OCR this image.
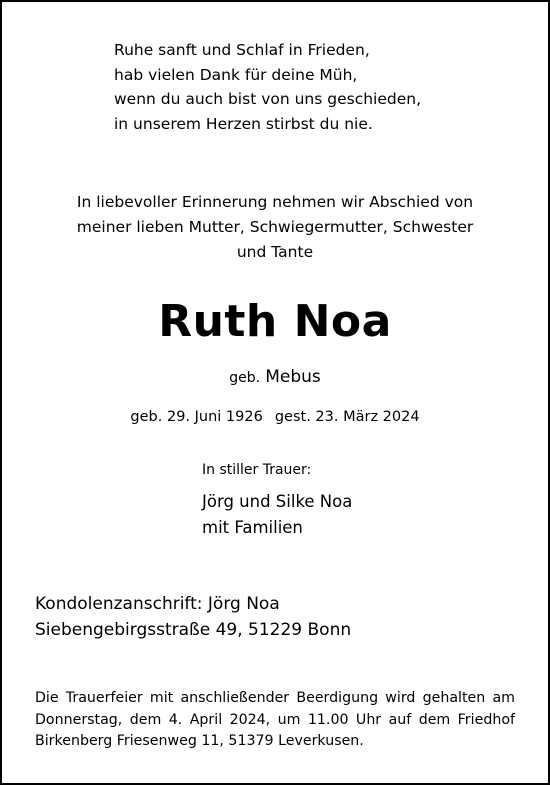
Ruhe sanft und Schlaf in Frieden,
hab vielen Dank für deine Müh,
wenn du auch bist von uns geschieden,
in unserem Herzen stirbst du nie.
In liebevoller Erinnerung nehmen wir Abschied von
meiner lieben Mutter, Schwiegermutter, Schwester
und Tante
Ruth Noa
geb. Mebus
geb. 29. Juni 1926 gest. 23. März 2024
In stiller Trauer:
Jörg und Silke Noa
mit Familien
Kondolenzanschrift: Jörg Noa
Siebengebirgsstraße 49, 51229 Bonn
Die Trauerfeier mit anschließender Beerdigung wird gehalten am
Donnerstag, dem 4. April 2024, um 11.00 Uhr auf dem Friedhof
Birkenberg Friesenweg 11, 51379 Leverkusen.
